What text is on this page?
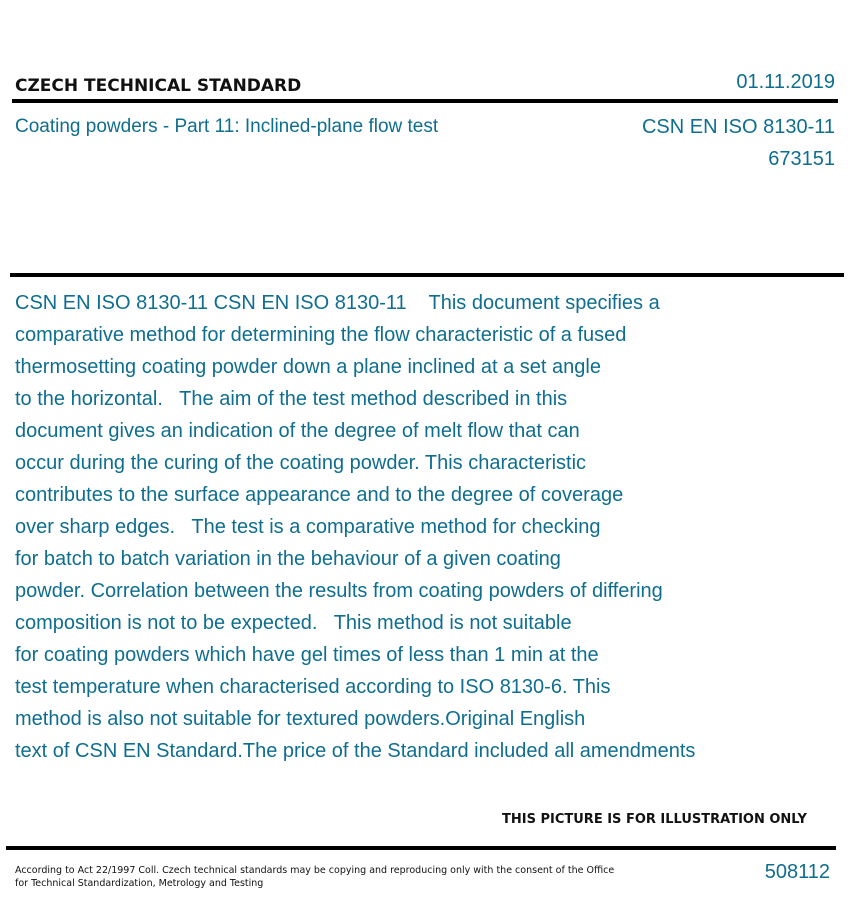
CZECH TECHNICAL STANDARD	01.11.2019
Coating powders - Part 11: Inclined-plane flow test	CSN EN ISO 8130-11
673151
CSN EN ISO 8130-11 CSN EN ISO 8130-11    This document specifies a
comparative method for determining the flow characteristic of a fused
thermosetting coating powder down a plane inclined at a set angle
to the horizontal.   The aim of the test method described in this
document gives an indication of the degree of melt flow that can
occur during the curing of the coating powder. This characteristic
contributes to the surface appearance and to the degree of coverage
over sharp edges.   The test is a comparative method for checking
for batch to batch variation in the behaviour of a given coating
powder. Correlation between the results from coating powders of differing
composition is not to be expected.   This method is not suitable
for coating powders which have gel times of less than 1 min at the
test temperature when characterised according to ISO 8130-6. This
method is also not suitable for textured powders.Original English
text of CSN EN Standard.The price of the Standard included all amendments
THIS PICTURE IS FOR ILLUSTRATION ONLY
According to Act 22/1997 Coll. Czech technical standards may be copying and reproducing only with the consent of the Office
for Technical Standardization, Metrology and Testing
508112
